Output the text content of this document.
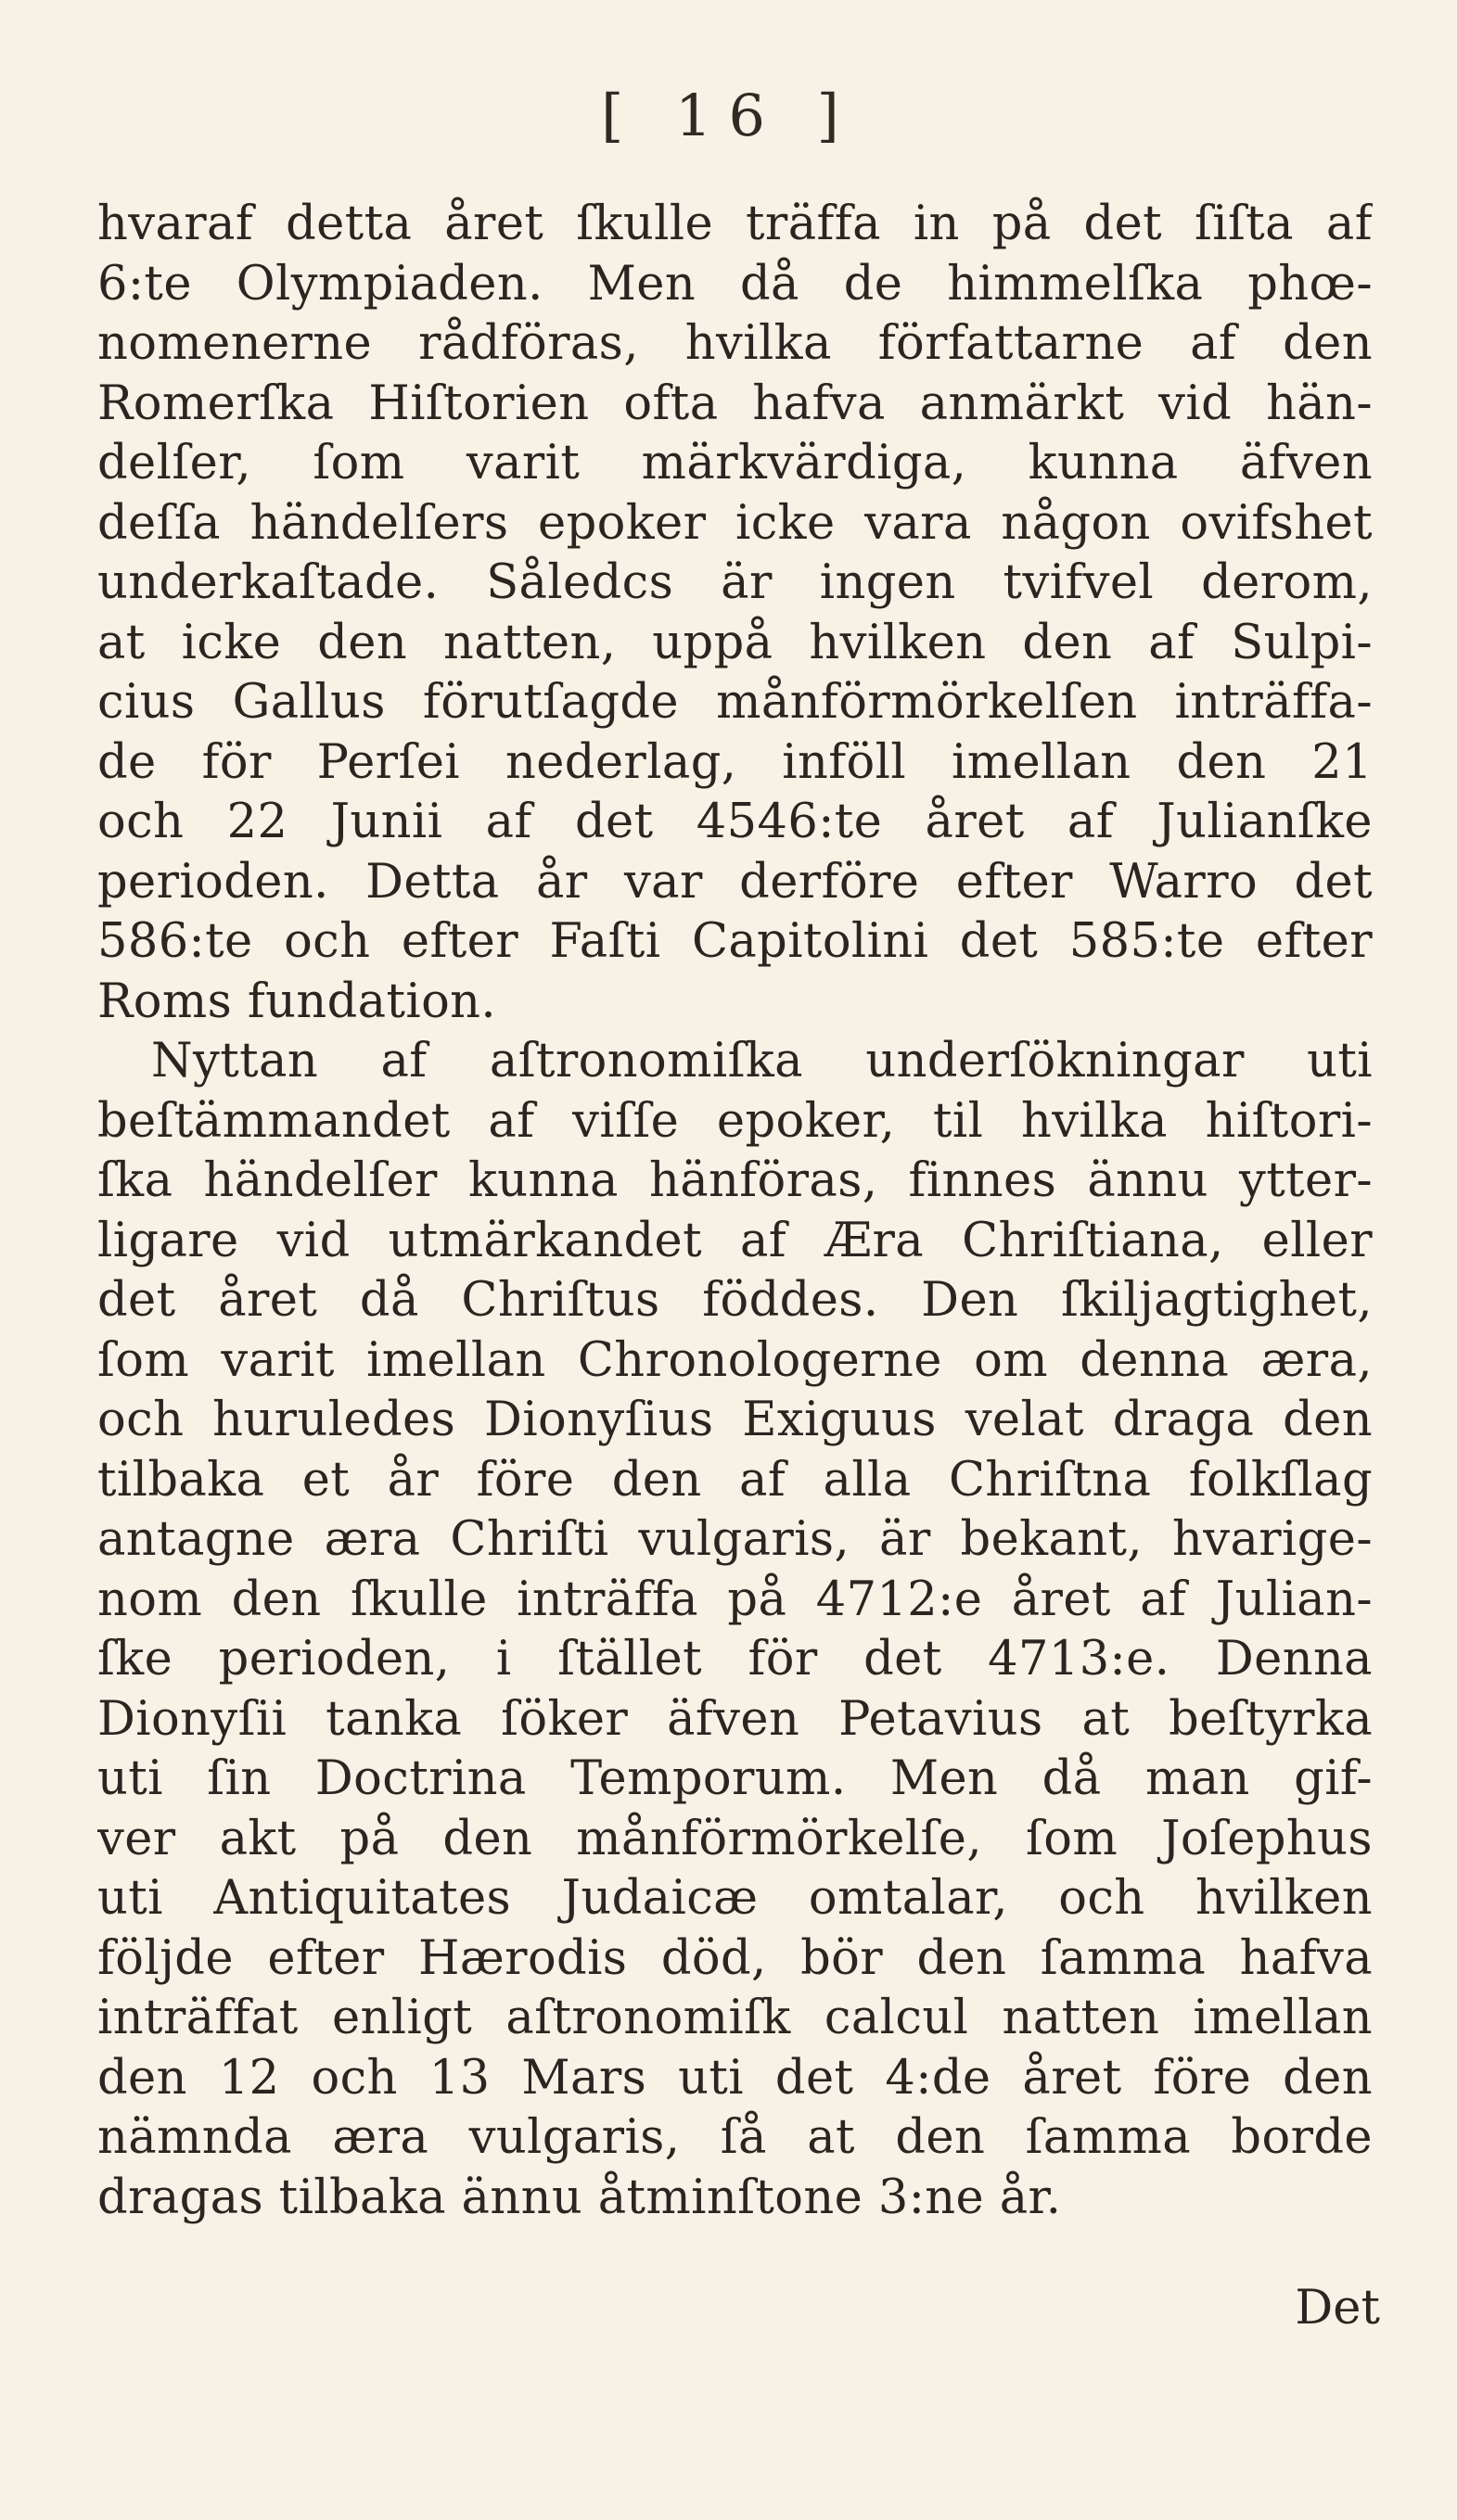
[ 16 ]
hvaraf detta året ſkulle träffa in på det ſiſta af
6:te Olympiaden. Men då de himmelſka phœ-
nomenerne rådföras, hvilka författarne af den
Romerſka Hiſtorien ofta hafva anmärkt vid hän-
delſer, ſom varit märkvärdiga, kunna äfven
deſſa händelſers epoker icke vara någon ovifshet
underkaſtade. Såledcs är ingen tvifvel derom,
at icke den natten, uppå hvilken den af Sulpi-
cius Gallus förutſagde månförmörkelſen inträffa-
de för Perſei nederlag, inföll imellan den 21
och 22 Junii af det 4546:te året af Julianſke
perioden. Detta år var derföre efter Warro det
586:te och efter Faſti Capitolini det 585:te efter
Roms fundation.
Nyttan af aſtronomiſka underſökningar uti
beſtämmandet af viſſe epoker, til hvilka hiſtori-
ſka händelſer kunna hänföras, finnes ännu ytter-
ligare vid utmärkandet af Æra Chriſtiana, eller
det året då Chriſtus föddes. Den ſkiljagtighet,
ſom varit imellan Chronologerne om denna æra,
och huruledes Dionyſius Exiguus velat draga den
tilbaka et år före den af alla Chriſtna folkſlag
antagne æra Chriſti vulgaris, är bekant, hvarige-
nom den ſkulle inträffa på 4712:e året af Julian-
ſke perioden, i ſtället för det 4713:e. Denna
Dionyſii tanka ſöker äfven Petavius at beſtyrka
uti ſin Doctrina Temporum. Men då man gif-
ver akt på den månförmörkelſe, ſom Joſephus
uti Antiquitates Judaicæ omtalar, och hvilken
följde efter Hærodis död, bör den ſamma hafva
inträffat enligt aſtronomiſk calcul natten imellan
den 12 och 13 Mars uti det 4:de året före den
nämnda æra vulgaris, ſå at den ſamma borde
dragas tilbaka ännu åtminſtone 3:ne år.
Det
